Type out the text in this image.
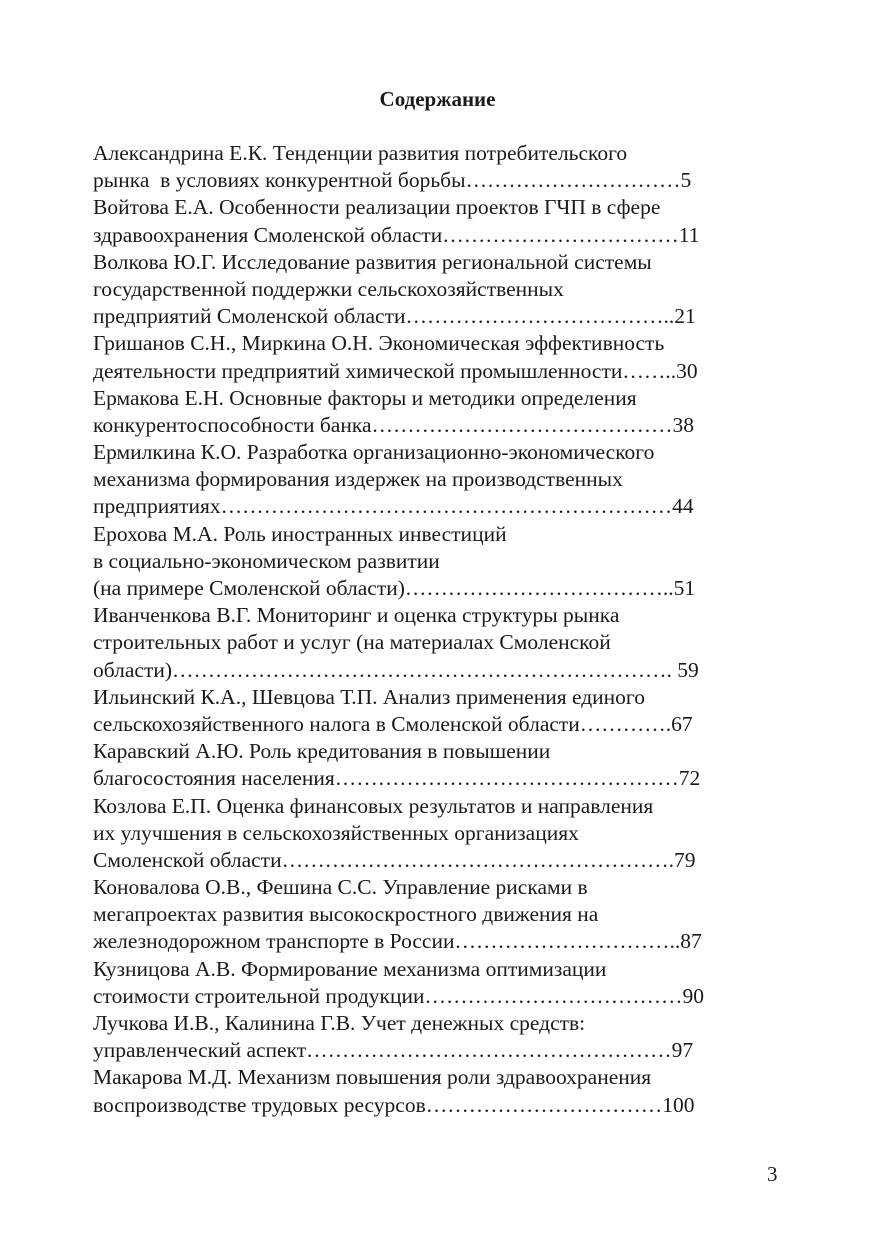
Содержание
Александрина Е.К. Тенденции развития потребительского
рынка  в условиях конкурентной борьбы…………………………5
Войтова Е.А. Особенности реализации проектов ГЧП в сфере
здравоохранения Смоленской области……………………………11
Волкова Ю.Г. Исследование развития региональной системы
государственной поддержки сельскохозяйственных
предприятий Смоленской области………………………………..21
Гришанов С.Н., Миркина О.Н. Экономическая эффективность
деятельности предприятий химической промышленности……..30
Ермакова Е.Н. Основные факторы и методики определения
конкурентоспособности банка……………………………………38
Ермилкина К.О. Разработка организационно-экономического
механизма формирования издержек на производственных
предприятиях………………………………………………………44
Ерохова М.А. Роль иностранных инвестиций
в социально-экономическом развитии
(на примере Смоленской области)………………………………..51
Иванченкова В.Г. Мониторинг и оценка структуры рынка
строительных работ и услуг (на материалах Смоленской
области)……………………………………………………………. 59
Ильинский К.А., Шевцова Т.П. Анализ применения единого
сельскохозяйственного налога в Смоленской области………….67
Каравский А.Ю. Роль кредитования в повышении
благосостояния населения…………………………………………72
Козлова Е.П. Оценка финансовых результатов и направления
их улучшения в сельскохозяйственных организациях
Смоленской области……………………………………………….79
Коновалова О.В., Фешина С.С. Управление рисками в
мегапроектах развития высокоскростного движения на
железнодорожном транспорте в России…………………………..87
Кузницова А.В. Формирование механизма оптимизации
стоимости строительной продукции………………………………90
Лучкова И.В., Калинина Г.В. Учет денежных средств:
управленческий аспект……………………………………………97
Макарова М.Д. Механизм повышения роли здравоохранения
воспроизводстве трудовых ресурсов……………………………100
3
